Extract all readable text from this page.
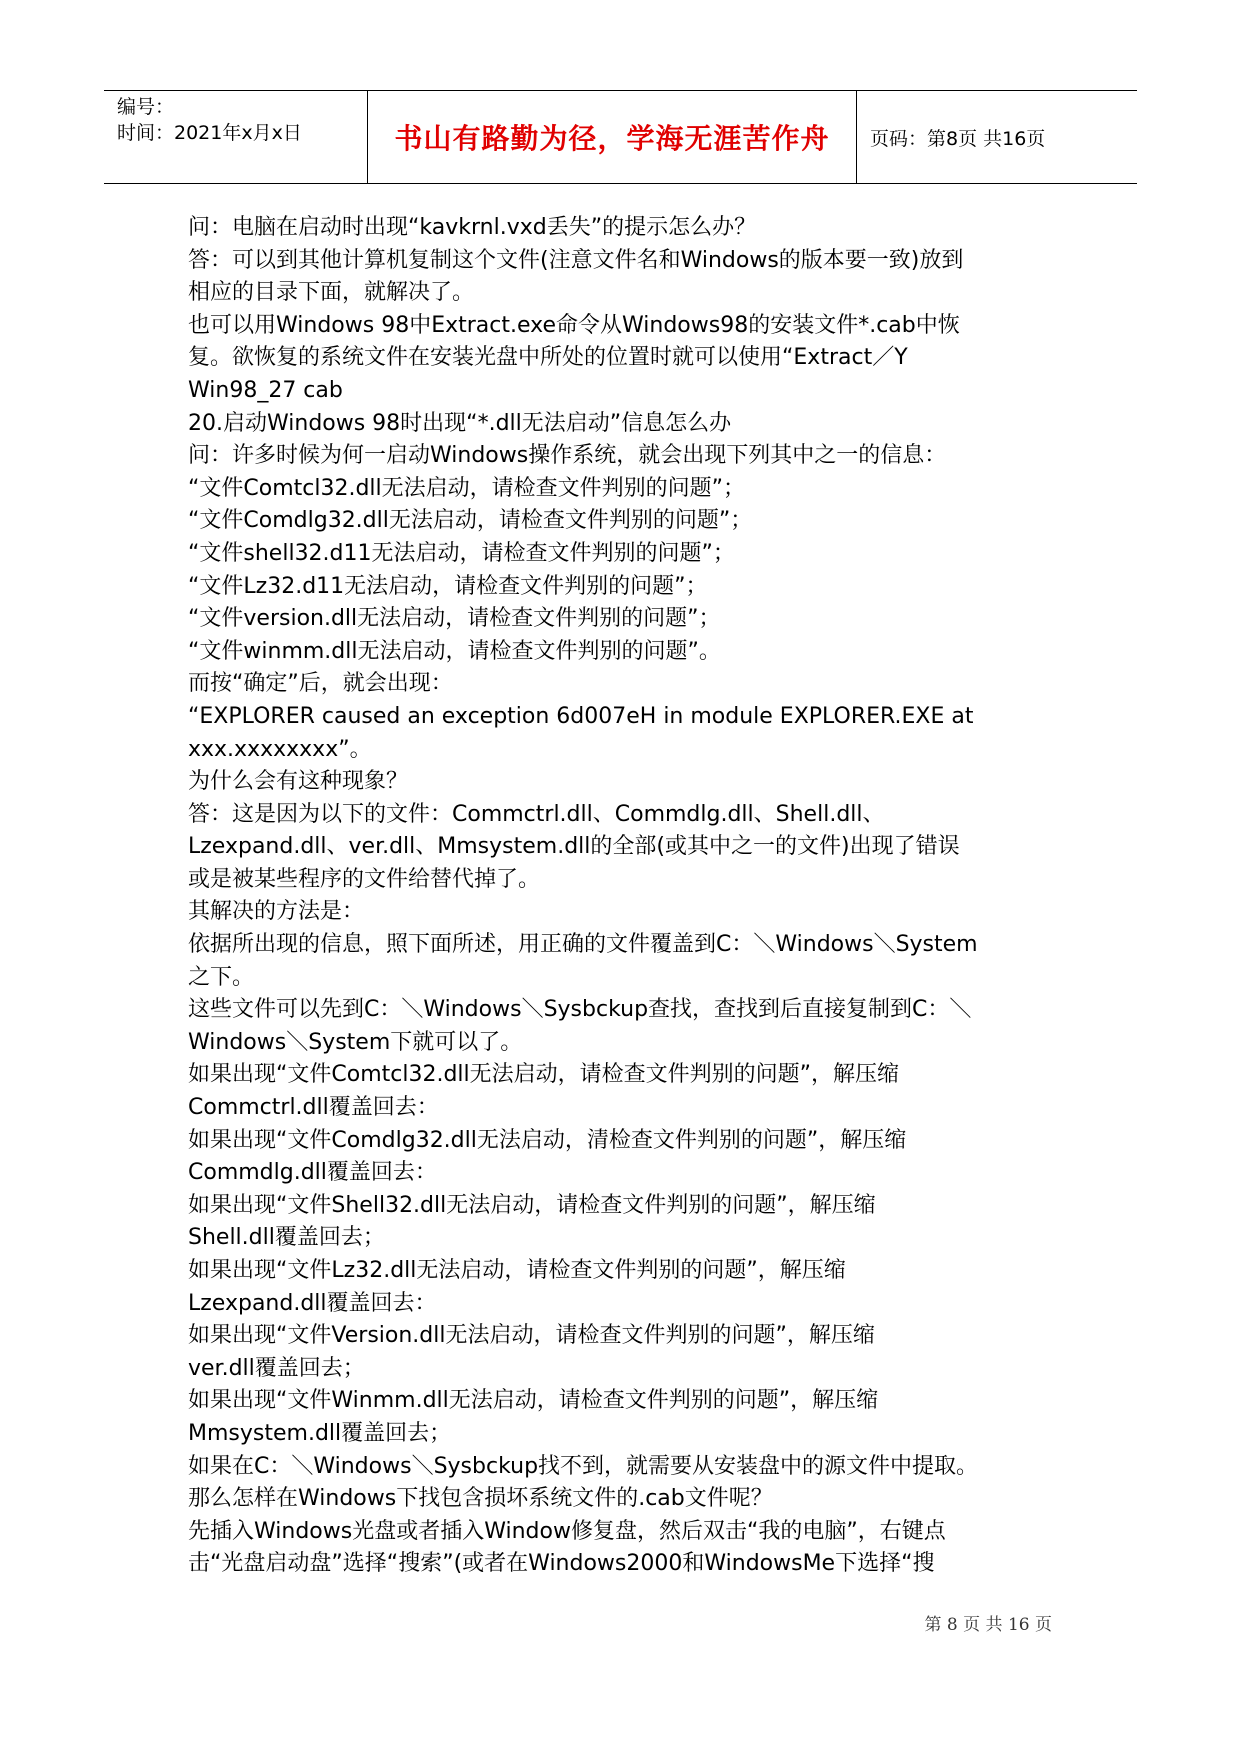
编号：
时间：2021年x月x日	书山有路勤为径，学海无涯苦作舟	页码：第8页 共16页
问：电脑在启动时出现“kavkrnl.vxd丢失”的提示怎么办？
答：可以到其他计算机复制这个文件(注意文件名和Windows的版本要一致)放到
相应的目录下面，就解决了。
也可以用Windows 98中Extract.exe命令从Windows98的安装文件*.cab中恢
复。欲恢复的系统文件在安装光盘中所处的位置时就可以使用“Extract／Y
Win98_27 cab
20.启动Windows 98时出现“*.dll无法启动”信息怎么办
问：许多时候为何一启动Windows操作系统，就会出现下列其中之一的信息：
“文件Comtcl32.dll无法启动，请检查文件判别的问题”；
“文件Comdlg32.dll无法启动，请检查文件判别的问题”；
“文件shell32.d11无法启动，请检查文件判别的问题”；
“文件Lz32.d11无法启动，请检查文件判别的问题”；
“文件version.dll无法启动，请检查文件判别的问题”；
“文件winmm.dll无法启动，请检查文件判别的问题”。
而按“确定”后，就会出现：
“EXPLORER caused an exception 6d007eH in module EXPLORER.EXE at
xxx.xxxxxxxx”。
为什么会有这种现象？
答：这是因为以下的文件：Commctrl.dll、Commdlg.dll、Shell.dll、
Lzexpand.dll、ver.dll、Mmsystem.dll的全部(或其中之一的文件)出现了错误
或是被某些程序的文件给替代掉了。
其解决的方法是：
依据所出现的信息，照下面所述，用正确的文件覆盖到C：＼Windows＼System
之下。
这些文件可以先到C：＼Windows＼Sysbckup查找，查找到后直接复制到C：＼
Windows＼System下就可以了。
如果出现“文件Comtcl32.dll无法启动，请检查文件判别的问题”，解压缩
Commctrl.dll覆盖回去：
如果出现“文件Comdlg32.dll无法启动，清检查文件判别的问题”，解压缩
Commdlg.dll覆盖回去：
如果出现“文件Shell32.dll无法启动，请检查文件判别的问题”，解压缩
Shell.dll覆盖回去；
如果出现“文件Lz32.dll无法启动，请检查文件判别的问题”，解压缩
Lzexpand.dll覆盖回去：
如果出现“文件Version.dll无法启动，请检查文件判别的问题”，解压缩
ver.dll覆盖回去；
如果出现“文件Winmm.dll无法启动，请检查文件判别的问题”，解压缩
Mmsystem.dll覆盖回去；
如果在C：＼Windows＼Sysbckup找不到，就需要从安装盘中的源文件中提取。
那么怎样在Windows下找包含损坏系统文件的.cab文件呢？
先插入Windows光盘或者插入Window修复盘，然后双击“我的电脑”，右键点
击“光盘启动盘”选择“搜索”(或者在Windows2000和WindowsMe下选择“搜
第 8 页 共 16 页
